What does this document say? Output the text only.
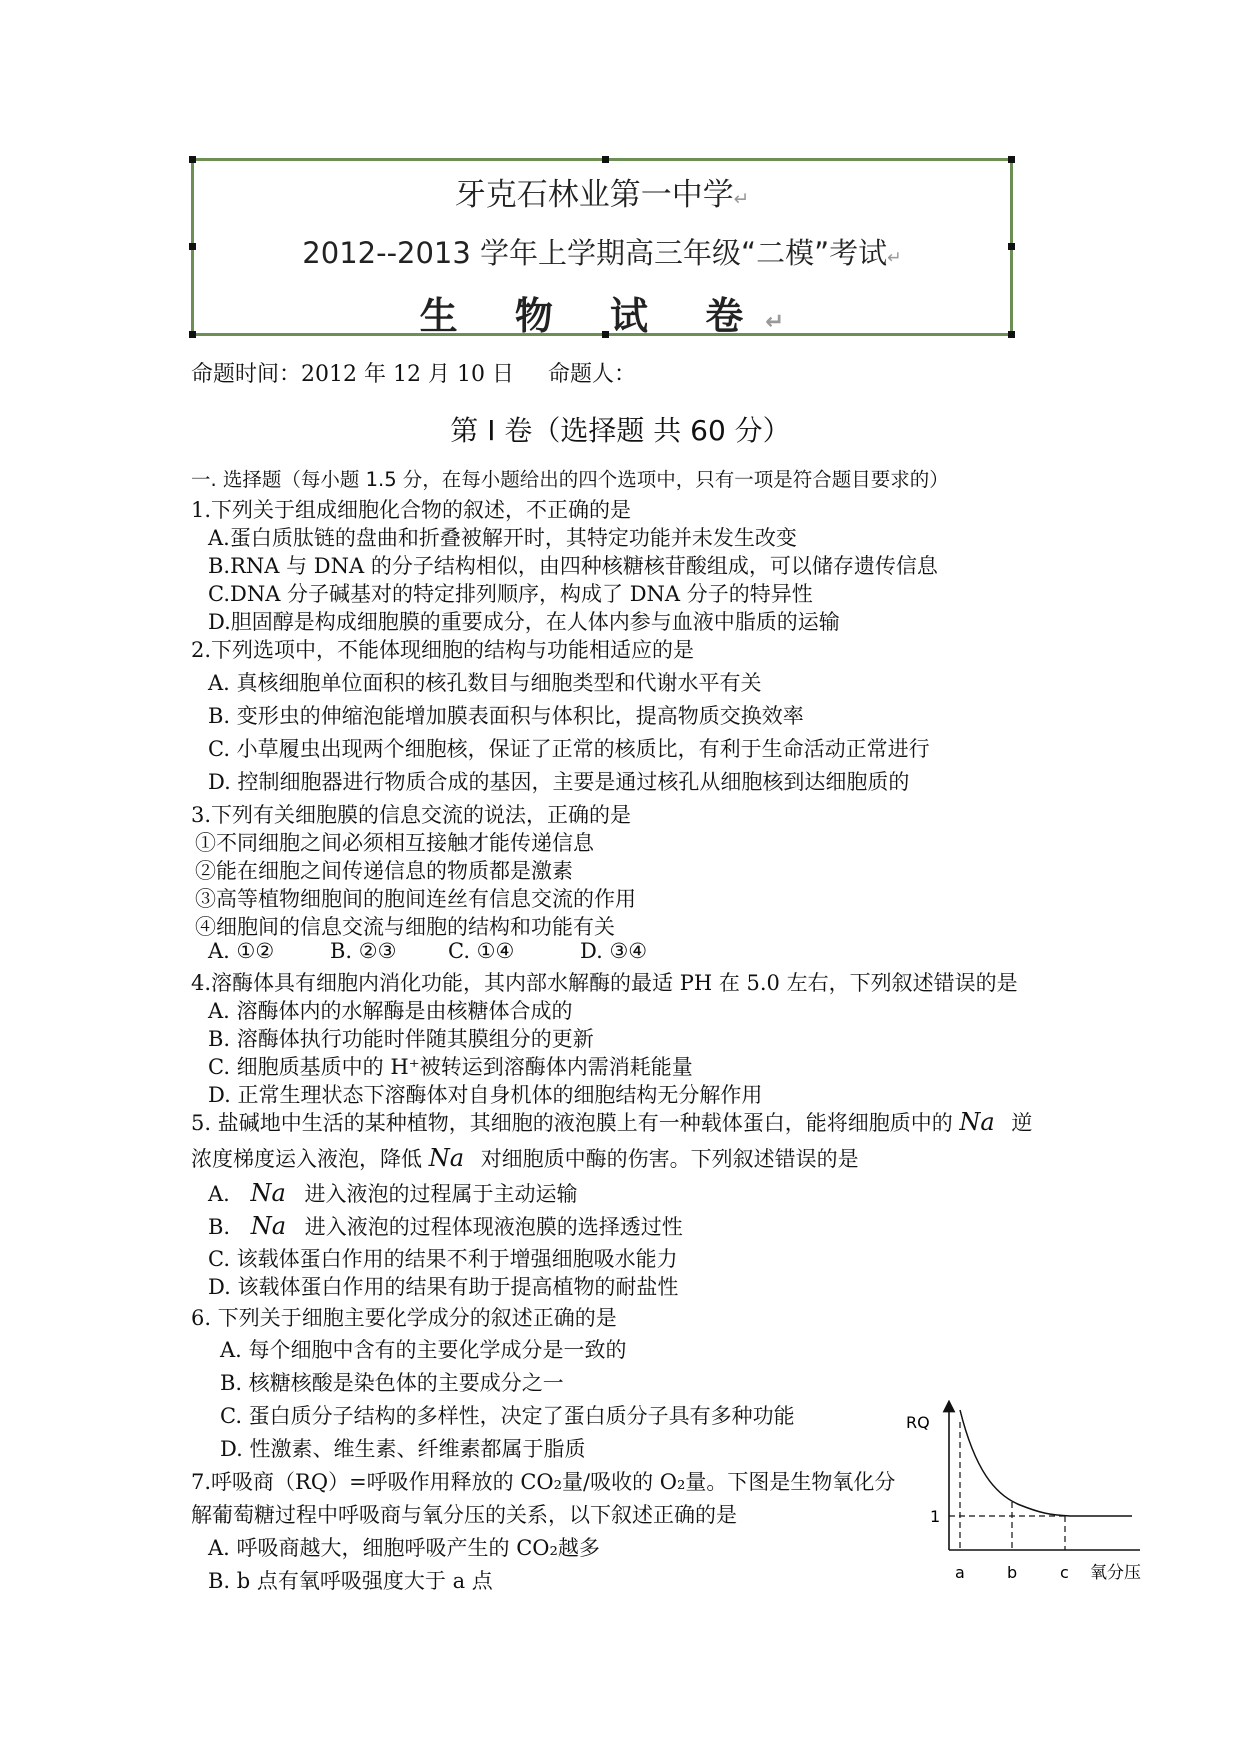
牙克石林业第一中学↵
2012--2013 学年上学期高三年级“二模”考试↵
生 物 试 卷↵
命题时间：2012 年 12 月 10 日 命题人：
第 I 卷（选择题 共 60 分）
一. 选择题（每小题 1.5 分，在每小题给出的四个选项中，只有一项是符合题目要求的）
1.下列关于组成细胞化合物的叙述，不正确的是
A.蛋白质肽链的盘曲和折叠被解开时，其特定功能并未发生改变
B.RNA 与 DNA 的分子结构相似，由四种核糖核苷酸组成，可以储存遗传信息
C.DNA 分子碱基对的特定排列顺序，构成了 DNA 分子的特异性
D.胆固醇是构成细胞膜的重要成分，在人体内参与血液中脂质的运输
2.下列选项中，不能体现细胞的结构与功能相适应的是
A. 真核细胞单位面积的核孔数目与细胞类型和代谢水平有关
B. 变形虫的伸缩泡能增加膜表面积与体积比，提高物质交换效率
C. 小草履虫出现两个细胞核，保证了正常的核质比，有利于生命活动正常进行
D. 控制细胞器进行物质合成的基因，主要是通过核孔从细胞核到达细胞质的
3.下列有关细胞膜的信息交流的说法，正确的是
①不同细胞之间必须相互接触才能传递信息
②能在细胞之间传递信息的物质都是激素
③高等植物细胞间的胞间连丝有信息交流的作用
④细胞间的信息交流与细胞的结构和功能有关
A. ①②	B. ②③ C. ①④	D. ③④
4.溶酶体具有细胞内消化功能，其内部水解酶的最适 PH 在 5.0 左右，下列叙述错误的是
A. 溶酶体内的水解酶是由核糖体合成的
B. 溶酶体执行功能时伴随其膜组分的更新
C. 细胞质基质中的 H⁺被转运到溶酶体内需消耗能量
D. 正常生理状态下溶酶体对自身机体的细胞结构无分解作用
5. 盐碱地中生活的某种植物，其细胞的液泡膜上有一种载体蛋白，能将细胞质中的 Na 逆
浓度梯度运入液泡，降低 Na 对细胞质中酶的伤害。下列叙述错误的是
A. Na 进入液泡的过程属于主动运输
B. Na 进入液泡的过程体现液泡膜的选择透过性
C. 该载体蛋白作用的结果不利于增强细胞吸水能力
D. 该载体蛋白作用的结果有助于提高植物的耐盐性
6. 下列关于细胞主要化学成分的叙述正确的是
A. 每个细胞中含有的主要化学成分是一致的
B. 核糖核酸是染色体的主要成分之一
C. 蛋白质分子结构的多样性，决定了蛋白质分子具有多种功能
D. 性激素、维生素、纤维素都属于脂质
7.呼吸商（RQ）=呼吸作用释放的 CO₂量/吸收的 O₂量。下图是生物氧化分
解葡萄糖过程中呼吸商与氧分压的关系，以下叙述正确的是
A. 呼吸商越大，细胞呼吸产生的 CO₂越多
B. b 点有氧呼吸强度大于 a 点
RQ
1
a	b	c 氧分压
